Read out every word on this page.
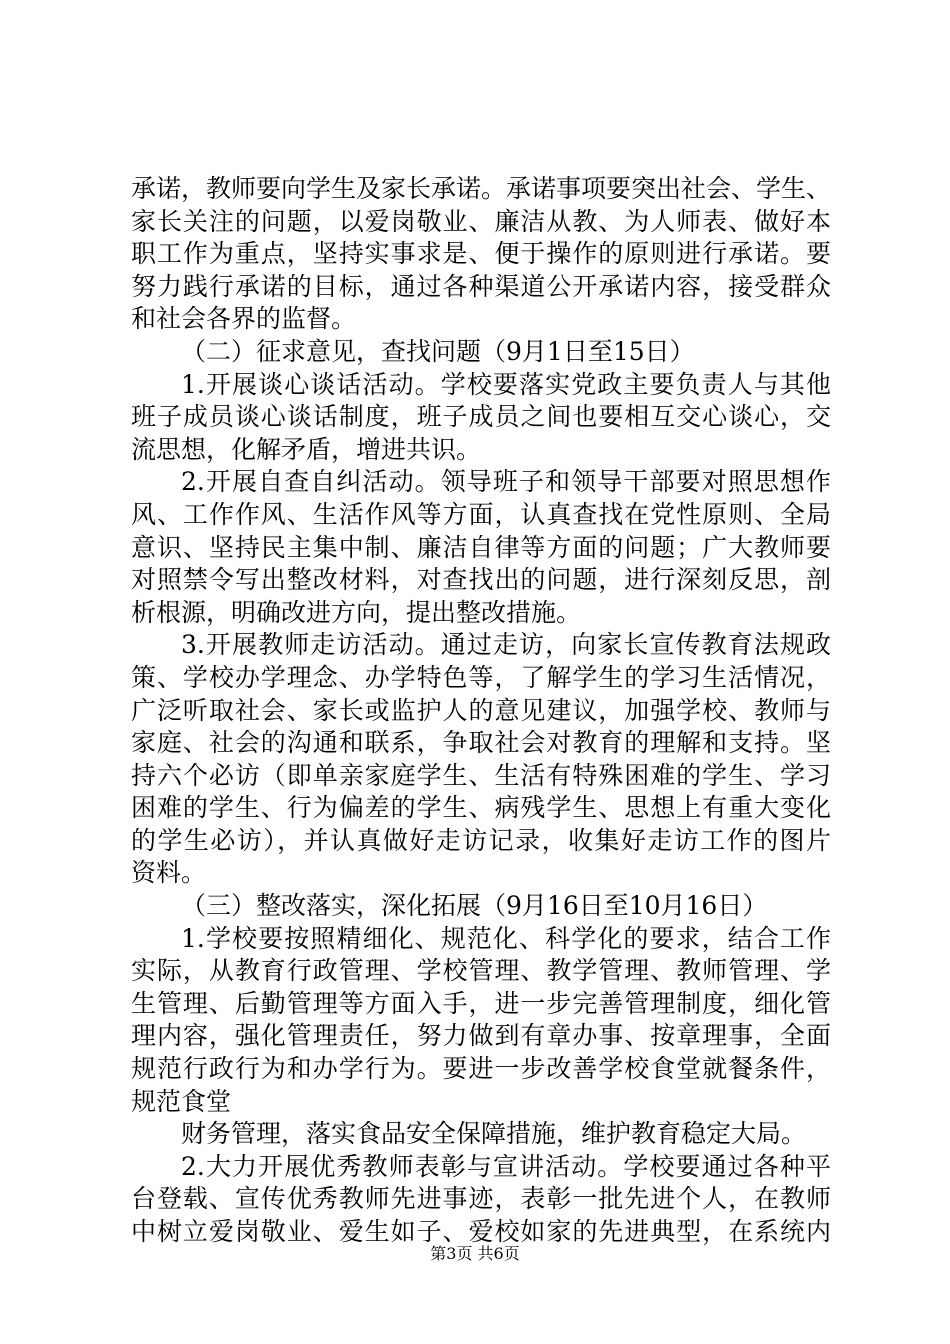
承诺，教师要向学生及家长承诺。承诺事项要突出社会、学生、
家长关注的问题，以爱岗敬业、廉洁从教、为人师表、做好本
职工作为重点，坚持实事求是、便于操作的原则进行承诺。要
努力践行承诺的目标，通过各种渠道公开承诺内容，接受群众
和社会各界的监督。
（二）征求意见，查找问题（9月1日至15日）
1.开展谈心谈话活动。学校要落实党政主要负责人与其他
班子成员谈心谈话制度，班子成员之间也要相互交心谈心，交
流思想，化解矛盾，增进共识。
2.开展自查自纠活动。领导班子和领导干部要对照思想作
风、工作作风、生活作风等方面，认真查找在党性原则、全局
意识、坚持民主集中制、廉洁自律等方面的问题；广大教师要
对照禁令写出整改材料，对查找出的问题，进行深刻反思，剖
析根源，明确改进方向，提出整改措施。
3.开展教师走访活动。通过走访，向家长宣传教育法规政
策、学校办学理念、办学特色等，了解学生的学习生活情况，
广泛听取社会、家长或监护人的意见建议，加强学校、教师与
家庭、社会的沟通和联系，争取社会对教育的理解和支持。坚
持六个必访（即单亲家庭学生、生活有特殊困难的学生、学习
困难的学生、行为偏差的学生、病残学生、思想上有重大变化
的学生必访），并认真做好走访记录，收集好走访工作的图片
资料。
（三）整改落实，深化拓展（9月16日至10月16日）
1.学校要按照精细化、规范化、科学化的要求，结合工作
实际，从教育行政管理、学校管理、教学管理、教师管理、学
生管理、后勤管理等方面入手，进一步完善管理制度，细化管
理内容，强化管理责任，努力做到有章办事、按章理事，全面
规范行政行为和办学行为。要进一步改善学校食堂就餐条件，
规范食堂
财务管理，落实食品安全保障措施，维护教育稳定大局。
2.大力开展优秀教师表彰与宣讲活动。学校要通过各种平
台登载、宣传优秀教师先进事迹，表彰一批先进个人，在教师
中树立爱岗敬业、爱生如子、爱校如家的先进典型，在系统内
第3页 共6页
